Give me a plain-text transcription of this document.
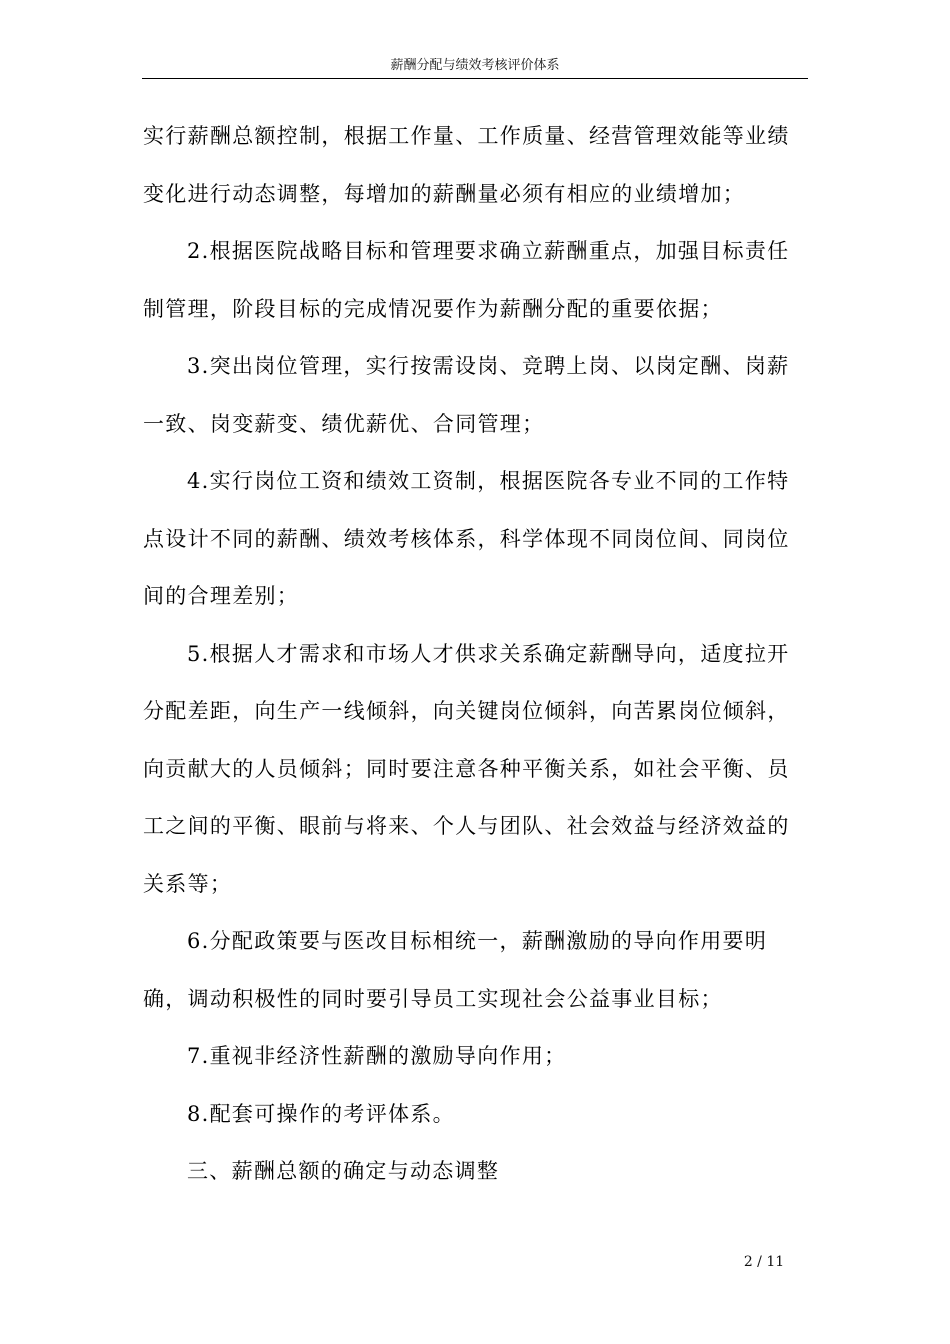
薪酬分配与绩效考核评价体系
实行薪酬总额控制，根据工作量、工作质量、经营管理效能等业绩
变化进行动态调整，每增加的薪酬量必须有相应的业绩增加；
2.根据医院战略目标和管理要求确立薪酬重点，加强目标责任
制管理，阶段目标的完成情况要作为薪酬分配的重要依据；
3.突出岗位管理，实行按需设岗、竞聘上岗、以岗定酬、岗薪
一致、岗变薪变、绩优薪优、合同管理；
4.实行岗位工资和绩效工资制，根据医院各专业不同的工作特
点设计不同的薪酬、绩效考核体系，科学体现不同岗位间、同岗位
间的合理差别；
5.根据人才需求和市场人才供求关系确定薪酬导向，适度拉开
分配差距，向生产一线倾斜，向关键岗位倾斜，向苦累岗位倾斜，
向贡献大的人员倾斜；同时要注意各种平衡关系，如社会平衡、员
工之间的平衡、眼前与将来、个人与团队、社会效益与经济效益的
关系等；
6.分配政策要与医改目标相统一，薪酬激励的导向作用要明
确，调动积极性的同时要引导员工实现社会公益事业目标；
7.重视非经济性薪酬的激励导向作用；
8.配套可操作的考评体系。
三、薪酬总额的确定与动态调整
2 / 11
